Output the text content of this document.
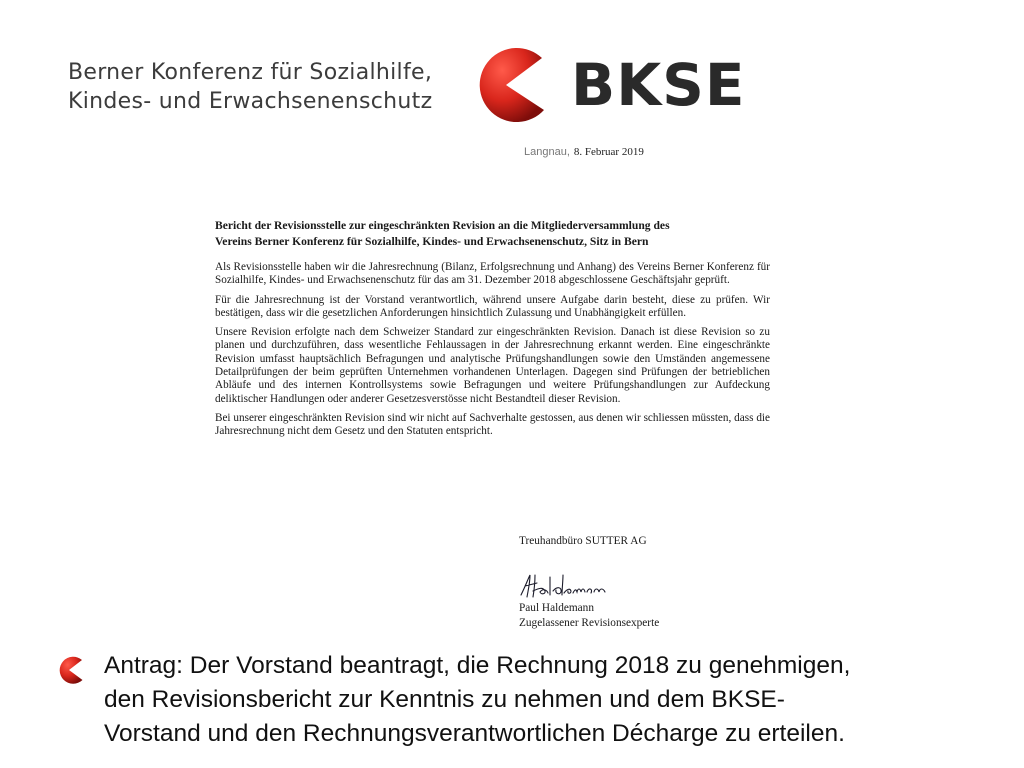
Berner Konferenz für Sozialhilfe,
Kindes- und Erwachsenenschutz BKSE
Langnau, 8. Februar 2019
Bericht der Revisionsstelle zur eingeschränkten Revision an die Mitgliederversammlung des
Vereins Berner Konferenz für Sozialhilfe, Kindes- und Erwachsenenschutz, Sitz in Bern

Als Revisionsstelle haben wir die Jahresrechnung (Bilanz, Erfolgsrechnung und Anhang) des Vereins Berner Konferenz für Sozialhilfe, Kindes- und Erwachsenenschutz für das am 31. Dezember 2018 abgeschlossene Geschäftsjahr geprüft.

Für die Jahresrechnung ist der Vorstand verantwortlich, während unsere Aufgabe darin besteht, diese zu prüfen. Wir bestätigen, dass wir die gesetzlichen Anforderungen hinsichtlich Zulassung und Unabhängigkeit erfüllen.

Unsere Revision erfolgte nach dem Schweizer Standard zur eingeschränkten Revision. Danach ist diese Revision so zu planen und durchzuführen, dass wesentliche Fehlaussagen in der Jahresrechnung erkannt werden. Eine eingeschränkte Revision umfasst hauptsächlich Befragungen und analytische Prüfungshandlungen sowie den Umständen angemessene Detailprüfungen der beim geprüften Unternehmen vorhandenen Unterlagen. Dagegen sind Prüfungen der betrieblichen Abläufe und des internen Kontrollsystems sowie Befragungen und weitere Prüfungshandlungen zur Aufdeckung deliktischer Handlungen oder anderer Gesetzesverstösse nicht Bestandteil dieser Revision.

Bei unserer eingeschränkten Revision sind wir nicht auf Sachverhalte gestossen, aus denen wir schliessen müssten, dass die Jahresrechnung nicht dem Gesetz und den Statuten entspricht.

Treuhandbüro SUTTER AG
Paul Haldemann
Zugelassener Revisionsexperte
Antrag: Der Vorstand beantragt, die Rechnung 2018 zu genehmigen,
den Revisionsbericht zur Kenntnis zu nehmen und dem BKSE-
Vorstand und den Rechnungsverantwortlichen Décharge zu erteilen.
